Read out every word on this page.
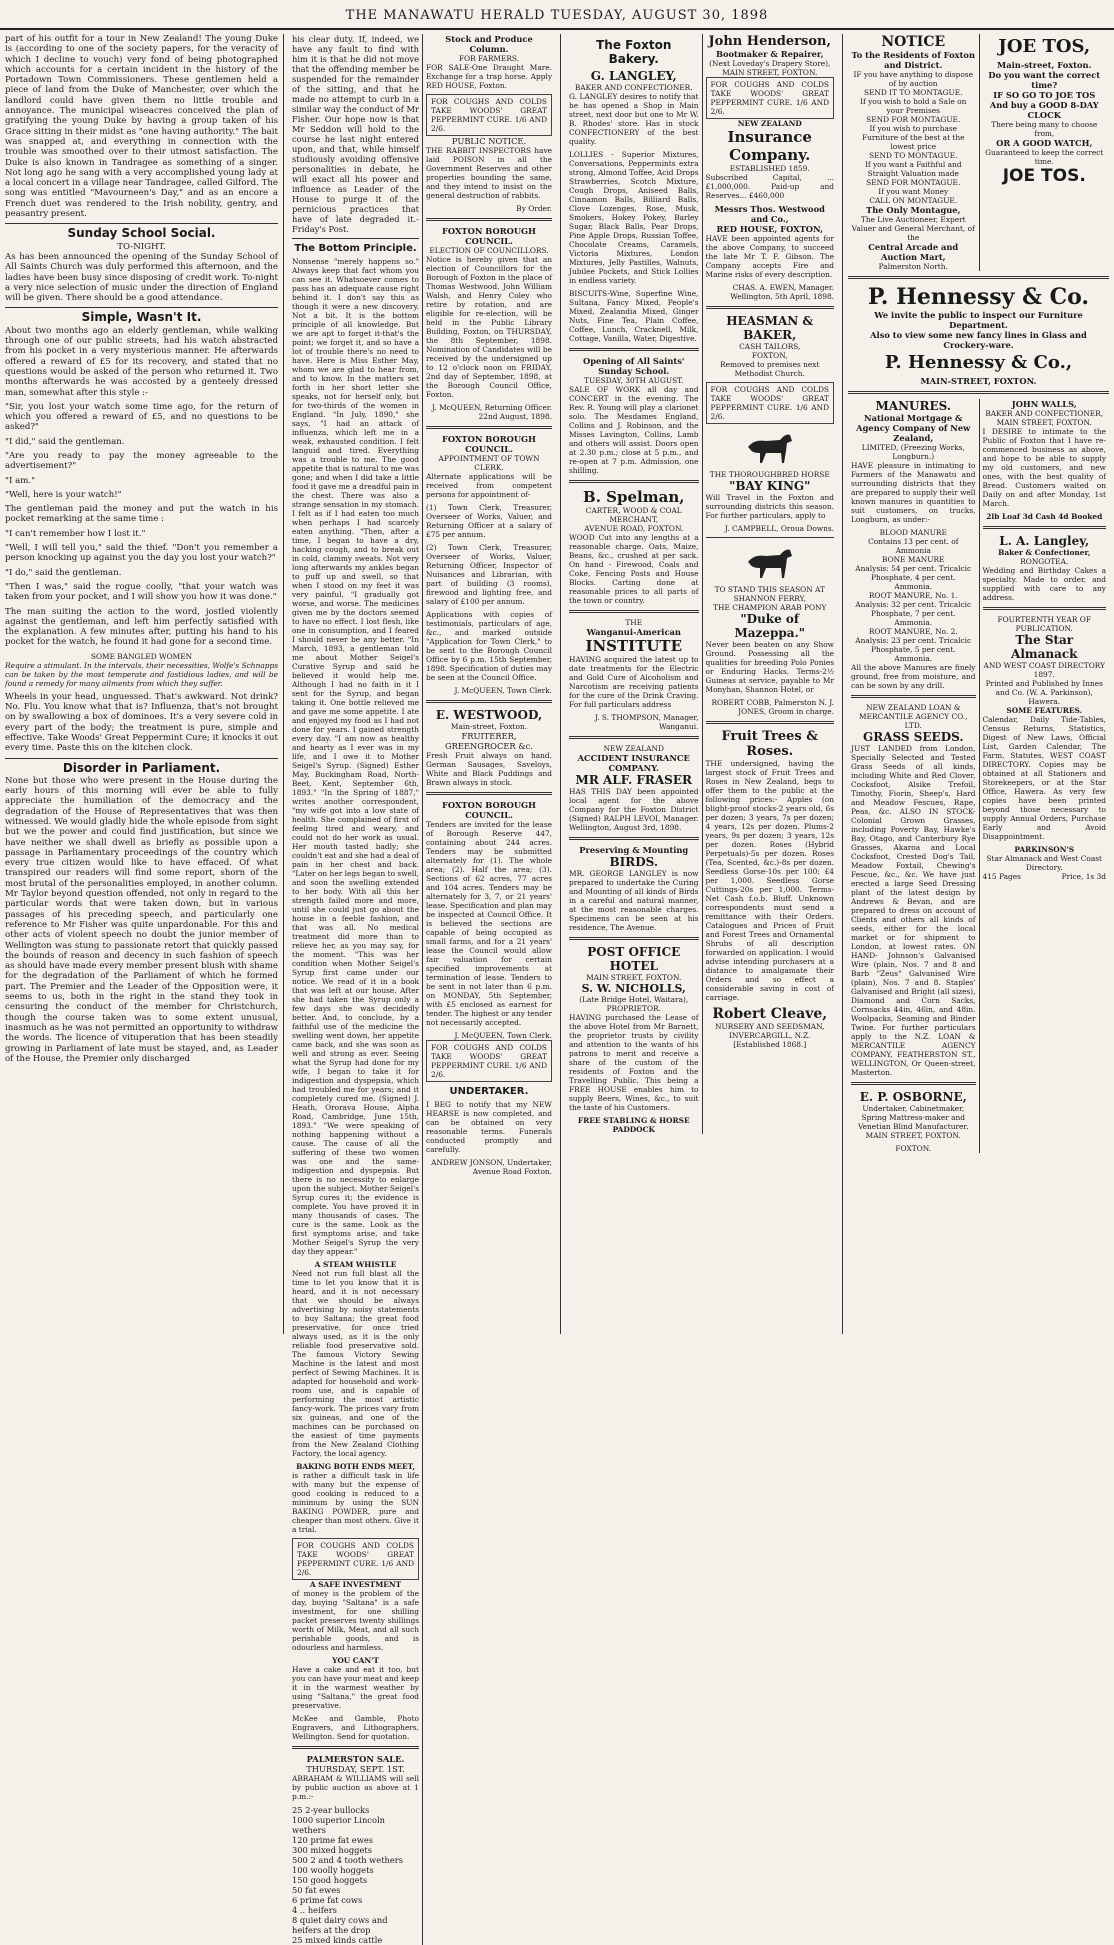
THE MANAWATU HERALD TUESDAY, AUGUST 30, 1898

part of his outfit for a tour in New Zealand! The young Duke is (according to one of the society papers, for the veracity of which I decline to vouch) very fond of being photographed which accounts for a certain incident in the history of the Portadown Town Commissioners. These gentlemen held a piece of land from the Duke of Manchester, over which the landlord could have given them no little trouble and annoyance. The municipal wiseacres conceived the plan of gratifying the young Duke by having a group taken of his Grace sitting in their midst as "one having authority." The bait was snapped at, and everything in connection with the trouble was smoothed over to their utmost satisfaction. The Duke is also known in Tandragee as something of a singer. Not long ago he sang with a very accomplished young lady at a local concert in a village near Tandragee, called Gilford. The song was entitled "Mavourneen's Day," and as an encore a French duet was rendered to the Irish nobility, gentry, and peasantry present.

Sunday School Social.
TO-NIGHT.

As has been announced the opening of the Sunday School of All Saints Church was duly performed this afternoon, and the ladies have been busy since disposing of credit work. To-night a very nice selection of music under the direction of England will be given. There should be a good attendance.

Simple, Wasn't It.

About two months ago an elderly gentleman, while walking through one of our public streets, had his watch abstracted from his pocket in a very mysterious manner. He afterwards offered a reward of £5 for its recovery, and stated that no questions would be asked of the person who returned it. Two months afterwards he was accosted by a genteely dressed man, somewhat after this style :-

"Sir, you lost your watch some time ago, for the return of which you offered a reward of £5, and no questions to be asked?"

"I did," said the gentleman.

"Are you ready to pay the money agreeable to the advertisement?"

"I am."

"Well, here is your watch!"

The gentleman paid the money and put the watch in his pocket remarking at the same time :

"I can't remember how I lost it."

"Well, I will tell you," said the thief. "Don't you remember a person knocking up against you the day you lost your watch?"

"I do," said the gentleman.

"Then I was," said the rogue coolly, "that your watch was taken from your pocket, and I will show you how it was done."

The man suiting the action to the word, jostled violently against the gentleman, and left him perfectly satisfied with the explanation. A few minutes after, putting his hand to his pocket for the watch, he found it had gone for a second time.

SOME BANGLED WOMEN

Require a stimulant. In the intervals, their necessities, Wolfe's Schnapps can be taken by the most temperate and fastidious ladies, and will be found a remedy for many ailments from which they suffer.

Wheels in your head, unguessed. That's awkward. Not drink? No. Flu. You know what that is? Influenza, that's not brought on by swallowing a box of dominoes. It's a very severe cold in every part of the body; the treatment is pure, simple and effective. Take Woods' Great Peppermint Cure; it knocks it out every time. Paste this on the kitchen clock.

Disorder in Parliament.

None but those who were present in the House during the early hours of this morning will ever be able to fully appreciate the humiliation of the democracy and the degradation of the House of Representatives that was then witnessed. We would gladly hide the whole episode from sight but we the power and could find justification, but since we have neither we shall dwell as briefly as possible upon a passage in Parliamentary proceedings of the country which every true citizen would like to have effaced. Of what transpired our readers will find some report, shorn of the most brutal of the personalities employed, in another column. Mr Taylor beyond question offended, not only in regard to the particular words that were taken down, but in various passages of his preceding speech, and particularly one reference to Mr Fisher was quite unpardonable. For this and other acts of violent speech no doubt the junior member of Wellington was stung to passionate retort that quickly passed the bounds of reason and decency in such fashion of speech as should have made every member present blush with shame for the degradation of the Parliament of which he formed part. The Premier and the Leader of the Opposition were, it seems to us, both in the right in the stand they took in censuring the conduct of the member for Christchurch, though the course taken was to some extent unusual, inasmuch as he was not permitted an opportunity to withdraw the words. The licence of vituperation that has been steadily growing in Parliament of late must be stayed, and, as Leader of the House, the Premier only discharged

his clear duty. If, indeed, we have any fault to find with him it is that he did not move that the offending member be suspended for the remainder of the sitting, and that he made no attempt to curb in a similar way the conduct of Mr Fisher. Our hope now is that Mr Seddon will hold to the course he last night entered upon, and that, while himself studiously avoiding offensive personalities in debate, he will exact all his power and influence as Leader of the House to purge it of the pernicious practices that have of late degraded it.-Friday's Post.

The Bottom Principle.

Nonsense "merely happens so." Always keep that fact whom you can see it. Whatsoever comes to pass has an adequate cause right behind it. I don't say this as though it were a new discovery. Not a bit. It is the bottom principle of all knowledge. But we are apt to forget it-that's the point; we forget it, and so have a lot of trouble there's no need to have. Here is Miss Esther May, whom we are glad to hear from, and to know. In the matters set forth in her short letter she speaks, not for herself only, but for two-thirds of the women in England. "In July, 1890," she says, "I had an attack of influenza, which left me in a weak, exhausted condition. I felt languid and tired. Everything was a trouble to me. The good appetite that is natural to me was gone; and when I did take a little food it gave me a dreadful pain in the chest. There was also a strange sensation in my stomach. I felt as if I had eaten too much when perhaps I had scarcely eaten anything. "Then, after a time, I began to have a dry, hacking cough, and to break out in cold, clammy sweats. Not very long afterwards my ankles began to puff up and swell, so that when I stood on my feet it was very painful. "I gradually got worse, and worse. The medicines given me by the doctors seemed to have no effect. I lost flesh, like one in consumption, and I feared I should never be any better. "In March, 1893, a gentleman told me about Mother Seigel's Curative Syrup and said he believed it would help me. Although I had no faith in it I sent for the Syrup, and began taking it. One bottle relieved me and gave me some appetite. I ate and enjoyed my food as I had not done for years. I gained strength every day. "I am now as healthy and hearty as I ever was in my life, and I owe it to Mother Seigel's Syrup. (Signed) Esther May, Buckingham Road, North-Beet, Kent, September 6th, 1893." "In the Spring of 1887," writes another correspondent, "my wife got into a low state of health. She complained of first of feeling tired and weary, and could not do her work as usual. Her mouth tasted badly; she couldn't eat and she had a deal of pain in her chest and back. "Later on her legs began to swell, and soon the swelling extended to her body. With all this her strength failed more and more, until she could just go about the house in a feeble fashion, and that was all. No medical treatment did more than to relieve her, as you may say, for the moment. "This was her condition when Mother Seigel's Syrup first came under our notice. We read of it in a book that was left at our house. After she had taken the Syrup only a few days she was decidedly better. And, to conclude, by a faithful use of the medicine the swelling went down, her appetite came back, and she was soon as well and strong as ever. Seeing what the Syrup had done for my wife, I began to take it for indigestion and dyspepsia, which had troubled me for years; and it completely cured me. (Signed) J. Heath, Ororava House, Alpha Road, Cambridge, June 15th, 1893." "We were speaking of nothing happening without a cause. The cause of all the suffering of these two women was one and the same-indigestion and dyspepsia. But there is no necessity to enlarge upon the subject. Mother Seigel's Syrup cures it; the evidence is complete. You have proved it in many thousands of cases. The cure is the same. Look as the first symptoms arise, and take Mother Seigel's Syrup the very day they appear."

A STEAM WHISTLE

Need not run full blast all the time to let you know that it is heard, and it is not necessary that we should be always advertising by noisy statements to buy Saltana; the great food preservative, for once tried always used, as it is the only reliable food preservative sold. The famous Victory Sewing Machine is the latest and most perfect of Sewing Machines. It is adapted for household and work-room use, and is capable of performing the most artistic fancy-work. The prices vary from six guineas, and one of the machines can be purchased on the easiest of time payments from the New Zealand Clothing Factory, the local agency.

BAKING BOTH ENDS MEET,

is rather a difficult task in life with many but the expense of good cooking is reduced to a minimum by using the SUN BAKING POWDER, pure and cheaper than most others. Give it a trial.

FOR COUGHS AND COLDS TAKE WOODS' GREAT PEPPERMINT CURE. 1/6 AND 2/6.
A SAFE INVESTMENT

of money is the problem of the day, buying "Saltana" is a safe investment, for one shilling packet preserves twenty shillings worth of Milk, Meat, and all such perishable goods, and is odourless and harmless.

YOU CAN'T

Have a cake and eat it too, but you can have your meat and keep it in the warmest weather by using "Saltana," the great food preservative.

McKee and Gamble, Photo Engravers, and Lithographers, Wellington. Send for quotation.

PALMERSTON SALE.
THURSDAY, SEPT. 1ST.

ABRAHAM & WILLIAMS will sell by public auction as above at 1 p.m.:-

25 2-year bullocks
1000 superior Lincoln wethers
120 prime fat ewes
300 mixed hoggets
500 2 and 4 tooth wethers
100 woolly hoggets
150 good hoggets
50 fat ewes
6 prime fat cows
4 .. heifers
8 quiet dairy cows and heifers at the drop
25 mixed kinds cattle
Stock and Produce Column.
FOR FARMERS.

FOR SALE-One Draught Mare. Exchange for a trap horse. Apply RED HOUSE, Foxton.

FOR COUGHS AND COLDS TAKE WOODS' GREAT PEPPERMINT CURE. 1/6 AND 2/6.
PUBLIC NOTICE.

THE RABBIT INSPECTORS have laid POISON in all the Government Reserves and other properties bounding the same, and they intend to insist on the general destruction of rabbits.

By Order.
FOXTON BOROUGH COUNCIL.
ELECTION OF COUNCILLORS.

Notice is hereby given that an election of Councillors for the Borough of Foxton in the place of Thomas Westwood, John William Walsh, and Henry Coley who retire by rotation, and are eligible for re-election, will be held in the Public Library Building, Foxton, on THURSDAY, the 8th September, 1898. Nomination of Candidates will be received by the undersigned up to 12 o'clock noon on FRIDAY, 2nd day of September, 1898, at the Borough Council Office, Foxton.

J. McQUEEN, Returning Officer. 22nd August, 1898.
FOXTON BOROUGH COUNCIL.
APPOINTMENT OF TOWN CLERK.

Alternate applications will be received from competent persons for appointment of-

(1) Town Clerk, Treasurer, Overseer of Works, Valuer, and Returning Officer at a salary of £75 per annum.

(2) Town Clerk, Treasurer, Overseer of Works, Valuer, Returning Officer, Inspector of Nuisances and Librarian, with part of building (3 rooms), firewood and lighting free, and salary of £100 per annum.

Applications with copies of testimonials, particulars of age, &c., and marked outside "Application for Town Clerk," to be sent to the Borough Council Office by 6 p.m. 15th September, 1898. Specification of duties may be seen at the Council Office.

J. McQUEEN, Town Clerk.
E. WESTWOOD,
Main-street, Foxton.
FRUITERER, GREENGROCER &c.

Fresh Fruit always on hand. German Sausages, Saveloys, White and Black Puddings and Brawn always in stock.

FOXTON BOROUGH COUNCIL.

Tenders are invited for the lease of Borough Reserve 447, containing about 244 acres. Tenders may be submitted alternately for (1). The whole area; (2). Half the area; (3). Sections of 62 acres, 77 acres and 104 acres. Tenders may be alternately for 3, 7, or 21 years' lease. Specification and plan may be inspected at Council Office. It is believed the sections are capable of being occupied as small farms, and for a 21 years' lease the Council would allow fair valuation for certain specified improvements at termination of lease. Tenders to be sent in not later than 6 p.m. on MONDAY, 5th September, with £5 enclosed as earnest for tender. The highest or any tender not necessarily accepted.

J. McQUEEN, Town Clerk.
FOR COUGHS AND COLDS TAKE WOODS' GREAT PEPPERMINT CURE. 1/6 AND 2/6.
UNDERTAKER.

I BEG to notify that my NEW HEARSE is now completed, and can be obtained on very reasonable terms. Funerals conducted promptly and carefully.

ANDREW JONSON, Undertaker, Avenue Road Foxton.
The Foxton Bakery.
G. LANGLEY,
BAKER AND CONFECTIONER.

G. LANGLEY desires to notify that he has opened a Shop in Main street, next door but one to Mr W. B. Rhodes' store. Has in stock CONFECTIONERY of the best quality.

LOLLIES - Superior Mixtures, Conversations, Peppermints extra strong, Almond Toffee, Acid Drops Strawberries, Scotch Mixture, Cough Drops, Aniseed Balls, Cinnamon Balls, Billiard Balls, Clove Lozenges, Rose, Musk, Smokers, Hokey Pokey, Barley Sugar, Black Balls, Pear Drops, Pine Apple Drops, Russian Toffee, Chocolate Creams, Caramels, Victoria Mixtures, London Mixtures, Jelly Pastilles, Walnuts, Jubilee Pockets, and Stick Lollies in endless variety.

BISCUITS-Wine, Superfine Wine, Sultana, Fancy Mixed, People's Mixed, Zealandia Mixed, Ginger Nuts, Fine Tea, Plain Coffee, Coffee, Lunch, Cracknell, Milk, Cottage, Vanilla, Water, Digestive.

Opening of All Saints' Sunday School.
TUESDAY, 30TH AUGUST.

SALE OF WORK all day and CONCERT in the evening. The Rev. R. Young will play a clarionet solo. The Mesdames England, Collins and J. Robinson, and the Misses Lavington, Collins, Lamb and others will assist. Doors open at 2.30 p.m.; close at 5 p.m., and re-open at 7 p.m. Admission, one shilling.

B. Spelman,
CARTER, WOOD & COAL MERCHANT,
AVENUE ROAD, FOXTON.

WOOD Cut into any lengths at a reasonable charge. Oats, Maize, Beans, &c., crushed at per sack. On hand - Firewood, Coals and Coke, Fencing Posts and House Blocks. Carting done at reasonable prices to all parts of the town or country.

THE
Wanganui-American
INSTITUTE

HAVING acquired the latest up to date treatments for the Electric and Gold Cure of Alcoholism and Narcotism are receiving patients for the cure of the Drink Craving. For full particulars address

J. S. THOMPSON, Manager, Wanganui.
NEW ZEALAND
ACCIDENT INSURANCE COMPANY.
MR ALF. FRASER

HAS THIS DAY been appointed local agent for the above Company for the Foxton District (Signed) RALPH LEVOI, Manager. Wellington, August 3rd, 1898.

Preserving & Mounting
BIRDS.

MR. GEORGE LANGLEY is now prepared to undertake the Curing and Mounting of all kinds of Birds in a careful and natural manner, at the most reasonable charges. Specimens can be seen at his residence, The Avenue.

POST OFFICE HOTEL
MAIN STREET, FOXTON.
S. W. NICHOLLS,
(Late Bridge Hotel, Waitara), PROPRIETOR.

HAVING purchased the Lease of the above Hotel from Mr Barnett, the proprietor trusts by civility and attention to the wants of his patrons to merit and receive a share of the custom of the residents of Foxton and the Travelling Public. This being a FREE HOUSE enables him to supply Beers, Wines, &c., to suit the taste of his Customers.

FREE STABLING & HORSE PADDOCK
John Henderson,
Bootmaker & Repairer,
(Next Loveday's Drapery Store), MAIN STREET, FOXTON.
FOR COUGHS AND COLDS TAKE WOODS' GREAT PEPPERMINT CURE. 1/6 AND 2/6.
NEW ZEALAND
Insurance Company.
ESTABLISHED 1859.

Subscribed Capital, ... £1,000,000. Paid-up and Reserves... £460,000

Messrs Thos. Westwood and Co.,
RED HOUSE, FOXTON,

HAVE been appointed agents for the above Company, to succeed the late Mr T. F. Gibson. The Company accepts Fire and Marine risks of every description.

CHAS. A. EWEN, Manager. Wellington, 5th April, 1898.
HEASMAN & BAKER,
CASH TAILORS,
FOXTON,

Removed to premises next Methodist Church.

FOR COUGHS AND COLDS TAKE WOODS' GREAT PEPPERMINT CURE. 1/6 AND 2/6.
THE THOROUGHBRED HORSE
"BAY KING"

Will Travel in the Foxton and surrounding districts this season. For further particulars, apply to

J. CAMPBELL, Oroua Downs.
TO STAND THIS SEASON AT SHANNON FERRY,
THE CHAMPION ARAB PONY
"Duke of Mazeppa."

Never been beaten on any Show Ground. Possessing all the qualities for breeding Polo Ponies or Enduring Hacks. Terms-2½ Guineas at service, payable to Mr Monyhan, Shannon Hotel, or

ROBERT COBB, Palmerston N. J. JONES, Groom in charge.
Fruit Trees & Roses.

THE undersigned, having the largest stock of Fruit Trees and Roses in New Zealand, begs to offer them to the public at the following prices:- Apples (on blight-proof stocks-2 years old, 6s per dozen; 3 years, 7s per dozen; 4 years, 12s per dozen. Plums-2 years, 9s per dozen; 3 years, 12s per dozen. Roses (Hybrid Perpetuals)-5s per dozen. Roses (Tea, Scented, &c.)-8s per dozen. Seedless Gorse-10s per 100; £4 per 1,000. Seedless Gorse Cuttings-20s per 1,000. Terms-Net Cash f.o.b. Bluff. Unknown correspondents must send a remittance with their Orders. Catalogues and Prices of Fruit and Forest Trees and Ornamental Shrubs of all description forwarded on application. I would advise intending purchasers at a distance to amalgamate their Orders and so effect a considerable saving in cost of carriage.

Robert Cleave,
NURSERY AND SEEDSMAN, INVERCARGILL, N.Z.
[Established 1868.]
NOTICE
To the Residents of Foxton and District.
IF you have anything to dispose of by auction
SEND IT TO MONTAGUE.
If you wish to hold a Sale on your Premises
SEND FOR MONTAGUE.
If you wish to purchase Furniture of the best at the lowest price
SEND TO MONTAGUE.
If you want a Faithful and Straight Valuation made
SEND FOR MONTAGUE.
If you want Money
CALL ON MONTAGUE.
The Only Montague,
The Live Auctioneer, Expert Valuer and General Merchant, of the
Central Arcade and Auction Mart,
Palmerston North.
JOE TOS,
Main-street, Foxton.
Do you want the correct time?
IF SO GO TO JOE TOS
And buy a GOOD 8-DAY CLOCK
There being many to choose from,
OR A GOOD WATCH,
Guaranteed to keep the correct time.
JOE TOS.
P. Hennessy & Co.
We invite the public to inspect our Furniture Department.
Also to view some new fancy lines in Glass and Crockery-ware.
P. Hennessy & Co.,
MAIN-STREET, FOXTON.
MANURES.
National Mortgage & Agency Company of New Zealand,
LIMITED, (Freezing Works, Longburn.)

HAVE pleasure in intimating to Farmers of the Manawatu and surrounding districts that they are prepared to supply their well known manures in quantities to suit customers, on trucks, Longburn, as under:-

BLOOD MANURE
Contains 13 per cent. of Ammonia
BONE MANURE
Analysis: 54 per cent. Tricalcic Phosphate, 4 per cent. Ammonia.
ROOT MANURE, No. 1.
Analysis: 32 per cent. Tricalcic Phosphate, 7 per cent. Ammonia.
ROOT MANURE, No. 2.
Analysis: 23 per cent. Tricalcic Phosphate, 5 per cent. Ammonia.

All the above Manures are finely ground, free from moisture, and can be sown by any drill.

NEW ZEALAND LOAN & MERCANTILE AGENCY CO., LTD.
GRASS SEEDS.

JUST LANDED from London, Specially Selected and Tested Grass Seeds of all kinds, including White and Red Clover, Cocksfoot, Alsike Trefoil, Timothy, Fiorin, Sheep's, Hard and Meadow Fescues, Rape, Peas, &c. ALSO IN STOCK-Colonial Grown Grasses, including Poverty Bay, Hawke's Bay, Otago, and Canterbury Rye Grasses, Akaroa and Local Cocksfoot, Crested Dog's Tail, Meadow Foxtail, Chewing's Fescue, &c., &c. We have just erected a large Seed Dressing plant of the latest design by Andrews & Bevan, and are prepared to dress on account of Clients and others all kinds of seeds, either for the local market or for shipment to London, at lowest rates. ON HAND- Johnson's Galvanised Wire (plain, Nos. 7 and 8 and Barb "Zeus" Galvanised Wire (plain), Nos. 7 and 8. Staples' Galvanised and Bright (all sizes), Diamond and Corn Sacks, Cornsacks 44in, 46in, and 48in. Woolpacks, Seaming and Binder Twine. For further particulars apply to the N.Z. LOAN & MERCANTILE AGENCY COMPANY, FEATHERSTON ST., WELLINGTON, Or Queen-street, Masterton.

E. P. OSBORNE,

Undertaker, Cabinetmaker, Spring Mattress-maker and Venetian Blind Manufacturer. MAIN STREET, FOXTON.

FOXTON.
JOHN WALLS,
BAKER AND CONFECTIONER, MAIN STREET, FOXTON.

I DESIRE to intimate to the Public of Foxton that I have re-commenced business as above, and hope to be able to supply my old customers, and new ones, with the best quality of Bread. Customers waited on Daily on and after Monday, 1st March.

2lb Loaf 3d Cash 4d Booked
L. A. Langley,
Baker & Confectioner,
RONGOTEA.

Wedding and Birthday Cakes a specialty. Made to order, and supplied with care to any address.

FOURTEENTH YEAR OF PUBLICATION.
The Star Almanack
AND WEST COAST DIRECTORY 1897.
Printed and Published by Innes and Co. (W. A. Parkinson), Hawera.
SOME FEATURES.

Calendar, Daily Tide-Tables, Census Returns, Statistics, Digest of New Laws, Official List, Garden Calendar, The Farm, Statutes, WEST COAST DIRECTORY. Copies may be obtained at all Stationers and Storekeepers, or at the Star Office, Hawera. As very few copies have been printed beyond those necessary to supply Annual Orders, Purchase Early and Avoid Disappointment.

PARKINSON'S
Star Almanack and West Coast Directory.
415 Pages	Price, 1s 3d
